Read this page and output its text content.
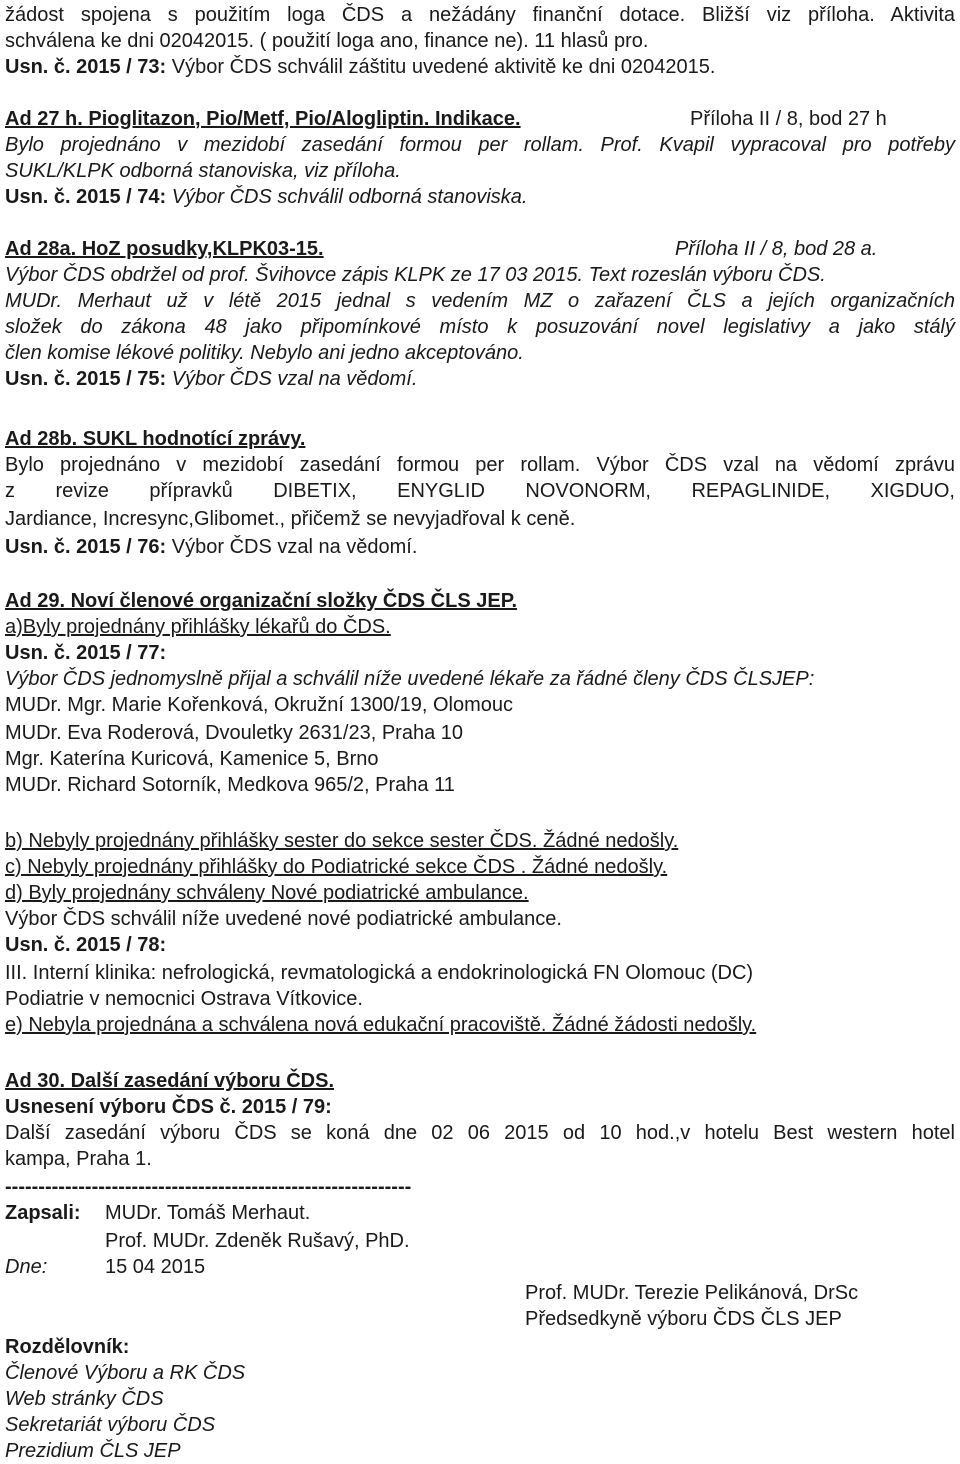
žádost spojena s použitím loga ČDS a nežádány finanční dotace. Bližší viz příloha. Aktivita
schválena ke dni 02042015. ( použití loga ano, finance ne). 11 hlasů pro.
Usn. č. 2015 / 73: Výbor ČDS schválil záštitu uvedené aktivitě ke dni 02042015.
Ad 27 h. Pioglitazon, Pio/Metf, Pio/Alogliptin. Indikace.	Příloha II / 8, bod 27 h
Bylo projednáno v mezidobí zasedání formou per rollam. Prof. Kvapil vypracoval pro potřeby
SUKL/KLPK odborná stanoviska, viz příloha.
Usn. č. 2015 / 74: Výbor ČDS schválil odborná stanoviska.
Ad 28a. HoZ posudky,KLPK03-15.	Příloha II / 8, bod 28 a.
Výbor ČDS obdržel od prof. Švihovce zápis KLPK ze 17 03 2015. Text rozeslán výboru ČDS.
MUDr. Merhaut už v létě 2015 jednal s vedením MZ o zařazení ČLS a jejích organizačních
složek do zákona 48 jako připomínkové místo k posuzování novel legislativy a jako stálý
člen komise lékové politiky. Nebylo ani jedno akceptováno.
Usn. č. 2015 / 75: Výbor ČDS vzal na vědomí.
Ad 28b. SUKL hodnotící zprávy.
Bylo projednáno v mezidobí zasedání formou per rollam. Výbor ČDS vzal na vědomí zprávu
z revize přípravků DIBETIX, ENYGLID NOVONORM, REPAGLINIDE, XIGDUO,
Jardiance, Incresync,Glibomet., přičemž se nevyjadřoval k ceně.
Usn. č. 2015 / 76: Výbor ČDS vzal na vědomí.
Ad 29. Noví členové organizační složky ČDS ČLS JEP.
a)Byly projednány přihlášky lékařů do ČDS.
Usn. č. 2015 / 77:
Výbor ČDS jednomyslně přijal a schválil níže uvedené lékaře za řádné členy ČDS ČLSJEP:
MUDr. Mgr. Marie Kořenková, Okružní 1300/19, Olomouc
MUDr. Eva Roderová, Dvouletky 2631/23, Praha 10
Mgr. Katerína Kuricová, Kamenice 5, Brno
MUDr. Richard Sotorník, Medkova 965/2, Praha 11
b) Nebyly projednány přihlášky sester do sekce sester ČDS. Žádné nedošly.
c) Nebyly projednány přihlášky do Podiatrické sekce ČDS . Žádné nedošly.
d) Byly projednány schváleny Nové podiatrické ambulance.
Výbor ČDS schválil níže uvedené nové podiatrické ambulance.
Usn. č. 2015 / 78:
III. Interní klinika: nefrologická, revmatologická a endokrinologická FN Olomouc (DC)
Podiatrie v nemocnici Ostrava Vítkovice.
e) Nebyla projednána a schválena nová edukační pracoviště. Žádné žádosti nedošly.
Ad 30. Další zasedání výboru ČDS.
Usnesení výboru ČDS č. 2015 / 79:
Další zasedání výboru ČDS se koná dne 02 06 2015 od 10 hod.,v hotelu Best western hotel
kampa, Praha 1.
-------------------------------------------------------------
Zapsali: MUDr. Tomáš Merhaut.
Prof. MUDr. Zdeněk Rušavý, PhD.
Dne:	15 04 2015
Prof. MUDr. Terezie Pelikánová, DrSc
Předsedkyně výboru ČDS ČLS JEP
Rozdělovník:
Členové Výboru a RK ČDS
Web stránky ČDS
Sekretariát výboru ČDS
Prezidium ČLS JEP
